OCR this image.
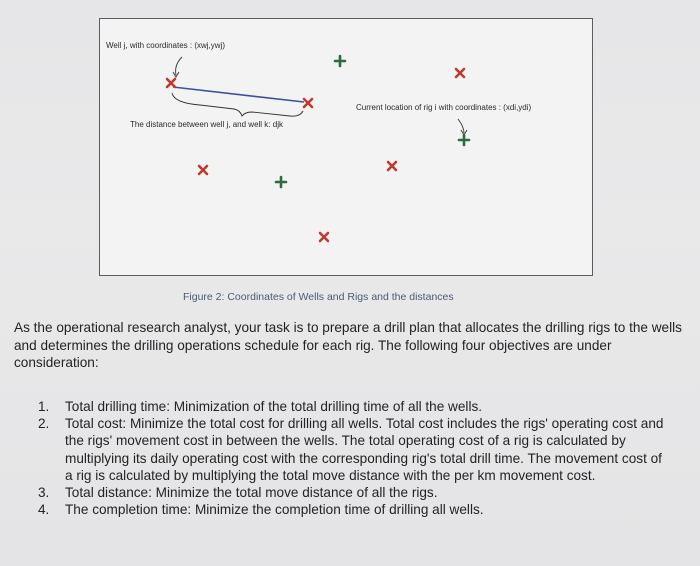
Well j, with coordinates : (xwj,ywj)
The distance between well j, and well k: djk
Current location of rig i with coordinates : (xdi,ydi)
Figure 2: Coordinates of Wells and Rigs and the distances

As the operational research analyst, your task is to prepare a drill plan that allocates the drilling rigs to the wells and determines the drilling operations schedule for each rig. The following four objectives are under consideration:

1. Total drilling time: Minimization of the total drilling time of all the wells.
2. Total cost: Minimize the total cost for drilling all wells. Total cost includes the rigs' operating cost and the rigs' movement cost in between the wells. The total operating cost of a rig is calculated by multiplying its daily operating cost with the corresponding rig's total drill time. The movement cost of a rig is calculated by multiplying the total move distance with the per km movement cost.
3. Total distance: Minimize the total move distance of all the rigs.
4. The completion time: Minimize the completion time of drilling all wells.
